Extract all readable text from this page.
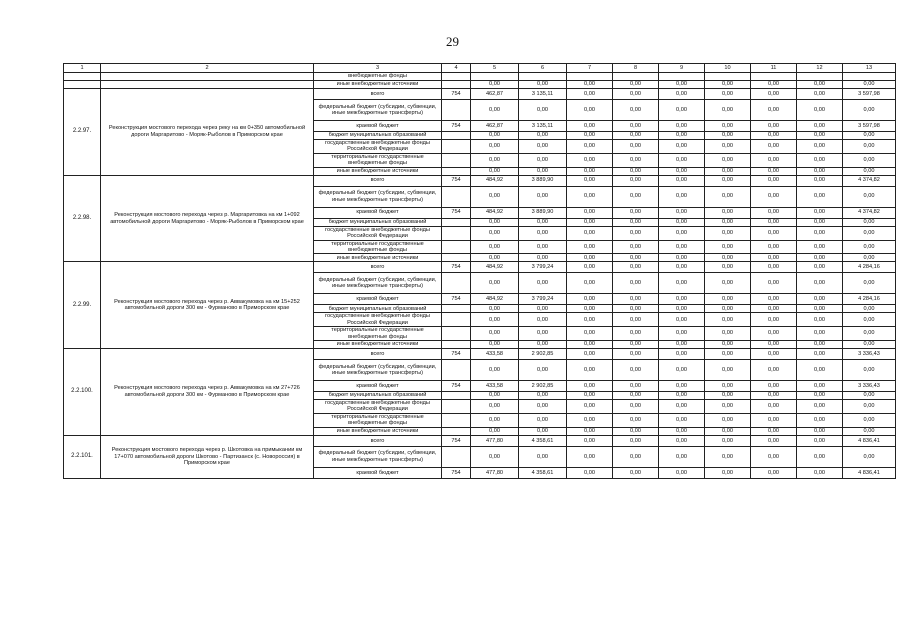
29
1	2	3	4	5	6	7	8	9	10	11	12	13
		внебюджетные фонды										
		иные внебюджетные источники		0,00	0,00	0,00	0,00	0,00	0,00	0,00	0,00	0,00
2.2.97.	Реконструкция мостового перехода через реку на км 0+350 автомобильной дороги Маргаритово - Моряк-Рыболов в Приморском крае	всего	754	462,87	3 135,11	0,00	0,00	0,00	0,00	0,00	0,00	3 597,98
		федеральный бюджет (субсидии, субвенции, иные межбюджетные трансферты)		0,00	0,00	0,00	0,00	0,00	0,00	0,00	0,00	0,00
		краевой бюджет	754	462,87	3 135,11	0,00	0,00	0,00	0,00	0,00	0,00	3 597,98
		бюджет муниципальных образований		0,00	0,00	0,00	0,00	0,00	0,00	0,00	0,00	0,00
		государственные внебюджетные фонды Российской Федерации		0,00	0,00	0,00	0,00	0,00	0,00	0,00	0,00	0,00
		территориальные государственные внебюджетные фонды		0,00	0,00	0,00	0,00	0,00	0,00	0,00	0,00	0,00
		иные внебюджетные источники		0,00	0,00	0,00	0,00	0,00	0,00	0,00	0,00	0,00
2.2.98.	Реконструкция мостового перехода через р. Маргаритовка на км 1+092 автомобильной дороги Маргаритово - Моряк-Рыболов в Приморском крае	всего	754	484,92	3 889,90	0,00	0,00	0,00	0,00	0,00	0,00	4 374,82
		федеральный бюджет (субсидии, субвенции, иные межбюджетные трансферты)		0,00	0,00	0,00	0,00	0,00	0,00	0,00	0,00	0,00
		краевой бюджет	754	484,92	3 889,90	0,00	0,00	0,00	0,00	0,00	0,00	4 374,82
		бюджет муниципальных образований		0,00	0,00	0,00	0,00	0,00	0,00	0,00	0,00	0,00
		государственные внебюджетные фонды Российской Федерации		0,00	0,00	0,00	0,00	0,00	0,00	0,00	0,00	0,00
		территориальные государственные внебюджетные фонды		0,00	0,00	0,00	0,00	0,00	0,00	0,00	0,00	0,00
		иные внебюджетные источники		0,00	0,00	0,00	0,00	0,00	0,00	0,00	0,00	0,00
2.2.99.	Реконструкция мостового перехода через р. Аввакумовка на км 15+252 автомобильной дороги 300 км - Фурманово в Приморском крае	всего	754	484,92	3 799,24	0,00	0,00	0,00	0,00	0,00	0,00	4 284,16
		федеральный бюджет (субсидии, субвенции, иные межбюджетные трансферты)		0,00	0,00	0,00	0,00	0,00	0,00	0,00	0,00	0,00
		краевой бюджет	754	484,92	3 799,24	0,00	0,00	0,00	0,00	0,00	0,00	4 284,16
		бюджет муниципальных образований		0,00	0,00	0,00	0,00	0,00	0,00	0,00	0,00	0,00
		государственные внебюджетные фонды Российской Федерации		0,00	0,00	0,00	0,00	0,00	0,00	0,00	0,00	0,00
		территориальные государственные внебюджетные фонды		0,00	0,00	0,00	0,00	0,00	0,00	0,00	0,00	0,00
		иные внебюджетные источники		0,00	0,00	0,00	0,00	0,00	0,00	0,00	0,00	0,00
2.2.100.	Реконструкция мостового перехода через р. Аввакумовка на км 27+726 автомобильной дороги 300 км - Фурманово в Приморском крае	всего	754	433,58	2 902,85	0,00	0,00	0,00	0,00	0,00	0,00	3 336,43
		федеральный бюджет (субсидии, субвенции, иные межбюджетные трансферты)		0,00	0,00	0,00	0,00	0,00	0,00	0,00	0,00	0,00
		краевой бюджет	754	433,58	2 902,85	0,00	0,00	0,00	0,00	0,00	0,00	3 336,43
		бюджет муниципальных образований		0,00	0,00	0,00	0,00	0,00	0,00	0,00	0,00	0,00
		государственные внебюджетные фонды Российской Федерации		0,00	0,00	0,00	0,00	0,00	0,00	0,00	0,00	0,00
		территориальные государственные внебюджетные фонды		0,00	0,00	0,00	0,00	0,00	0,00	0,00	0,00	0,00
		иные внебюджетные источники		0,00	0,00	0,00	0,00	0,00	0,00	0,00	0,00	0,00
2.2.101.	Реконструкция мостового перехода через р. Шкотовка на примыкании км 17+070 автомобильной дороги Шкотово - Партизанск (с. Новороссия) в Приморском крае	всего	754	477,80	4 358,61	0,00	0,00	0,00	0,00	0,00	0,00	4 836,41
		федеральный бюджет (субсидии, субвенции, иные межбюджетные трансферты)		0,00	0,00	0,00	0,00	0,00	0,00	0,00	0,00	0,00
		краевой бюджет	754	477,80	4 358,61	0,00	0,00	0,00	0,00	0,00	0,00	4 836,41
